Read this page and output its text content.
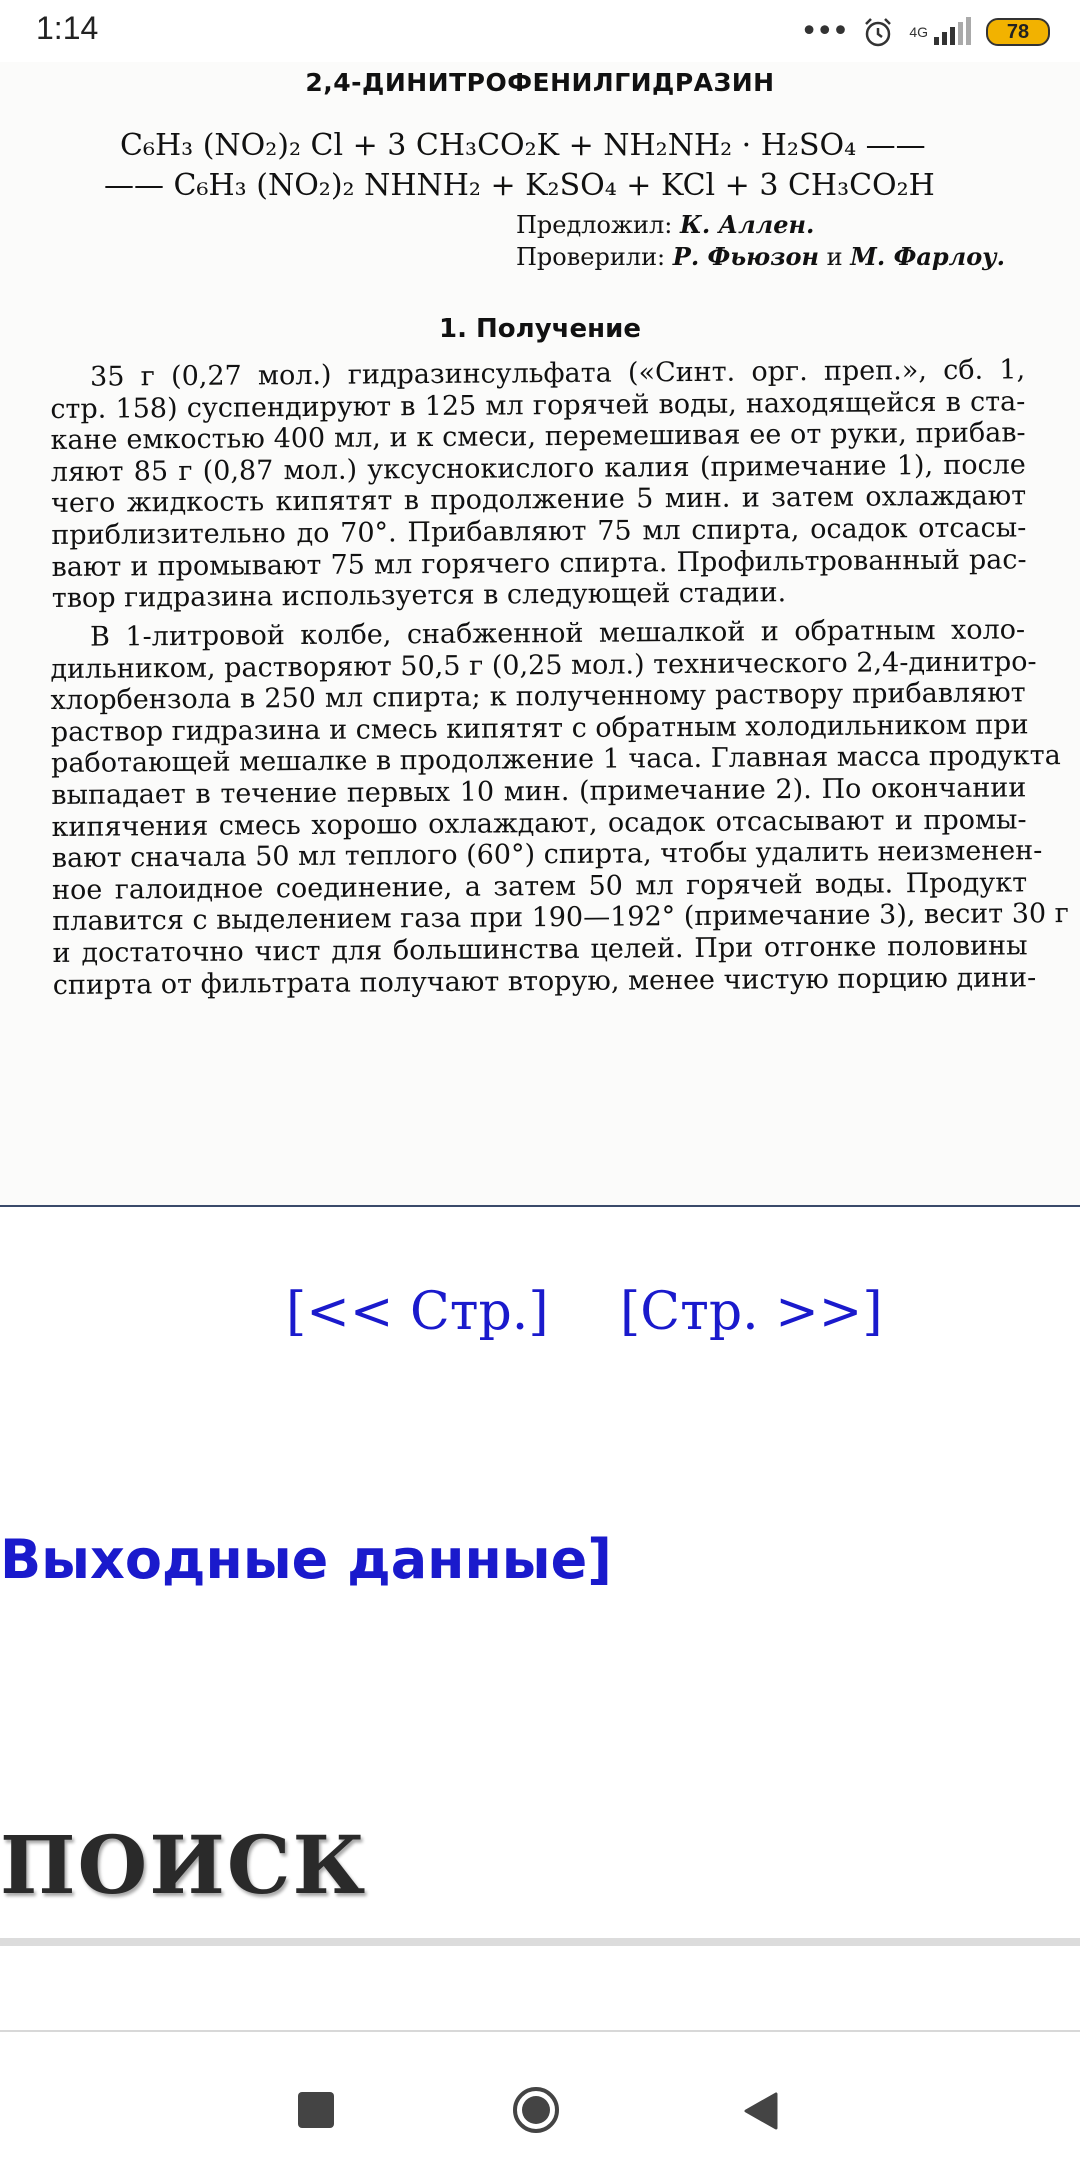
1:14	•••	4G	78
2,4-ДИНИТРОФЕНИЛГИДРАЗИН
C₆H₃ (NO₂)₂ Cl + 3 CH₃CO₂K + NH₂NH₂ · H₂SO₄ ——
—— C₆H₃ (NO₂)₂ NHNH₂ + K₂SO₄ + KCl + 3 CH₃CO₂H
Предложил: К. Аллен.
Проверили: Р. Фьюзон и М. Фарлоу.
1. Получение
35 г (0,27 мол.) гидразинсульфата («Синт. орг. преп.», сб. 1,
стр. 158) суспендируют в 125 мл горячей воды, находящейся в ста-
кане емкостью 400 мл, и к смеси, перемешивая ее от руки, прибав-
ляют 85 г (0,87 мол.) уксуснокислого калия (примечание 1), после
чего жидкость кипятят в продолжение 5 мин. и затем охлаждают
приблизительно до 70°. Прибавляют 75 мл спирта, осадок отсасы-
вают и промывают 75 мл горячего спирта. Профильтрованный рас-
твор гидразина используется в следующей стадии.
В 1-литровой колбе, снабженной мешалкой и обратным холо-
дильником, растворяют 50,5 г (0,25 мол.) технического 2,4-динитро-
хлорбензола в 250 мл спирта; к полученному раствору прибавляют
раствор гидразина и смесь кипятят с обратным холодильником при
работающей мешалке в продолжение 1 часа. Главная масса продукта
выпадает в течение первых 10 мин. (примечание 2). По окончании
кипячения смесь хорошо охлаждают, осадок отсасывают и промы-
вают сначала 50 мл теплого (60°) спирта, чтобы удалить неизменен-
ное галоидное соединение, а затем 50 мл горячей воды. Продукт
плавится с выделением газа при 190—192° (примечание 3), весит 30 г
и достаточно чист для большинства целей. При отгонке половины
спирта от фильтрата получают вторую, менее чистую порцию дини-
[<< Стр.] [Стр. >>]
Выходные данные]
ПОИСК
